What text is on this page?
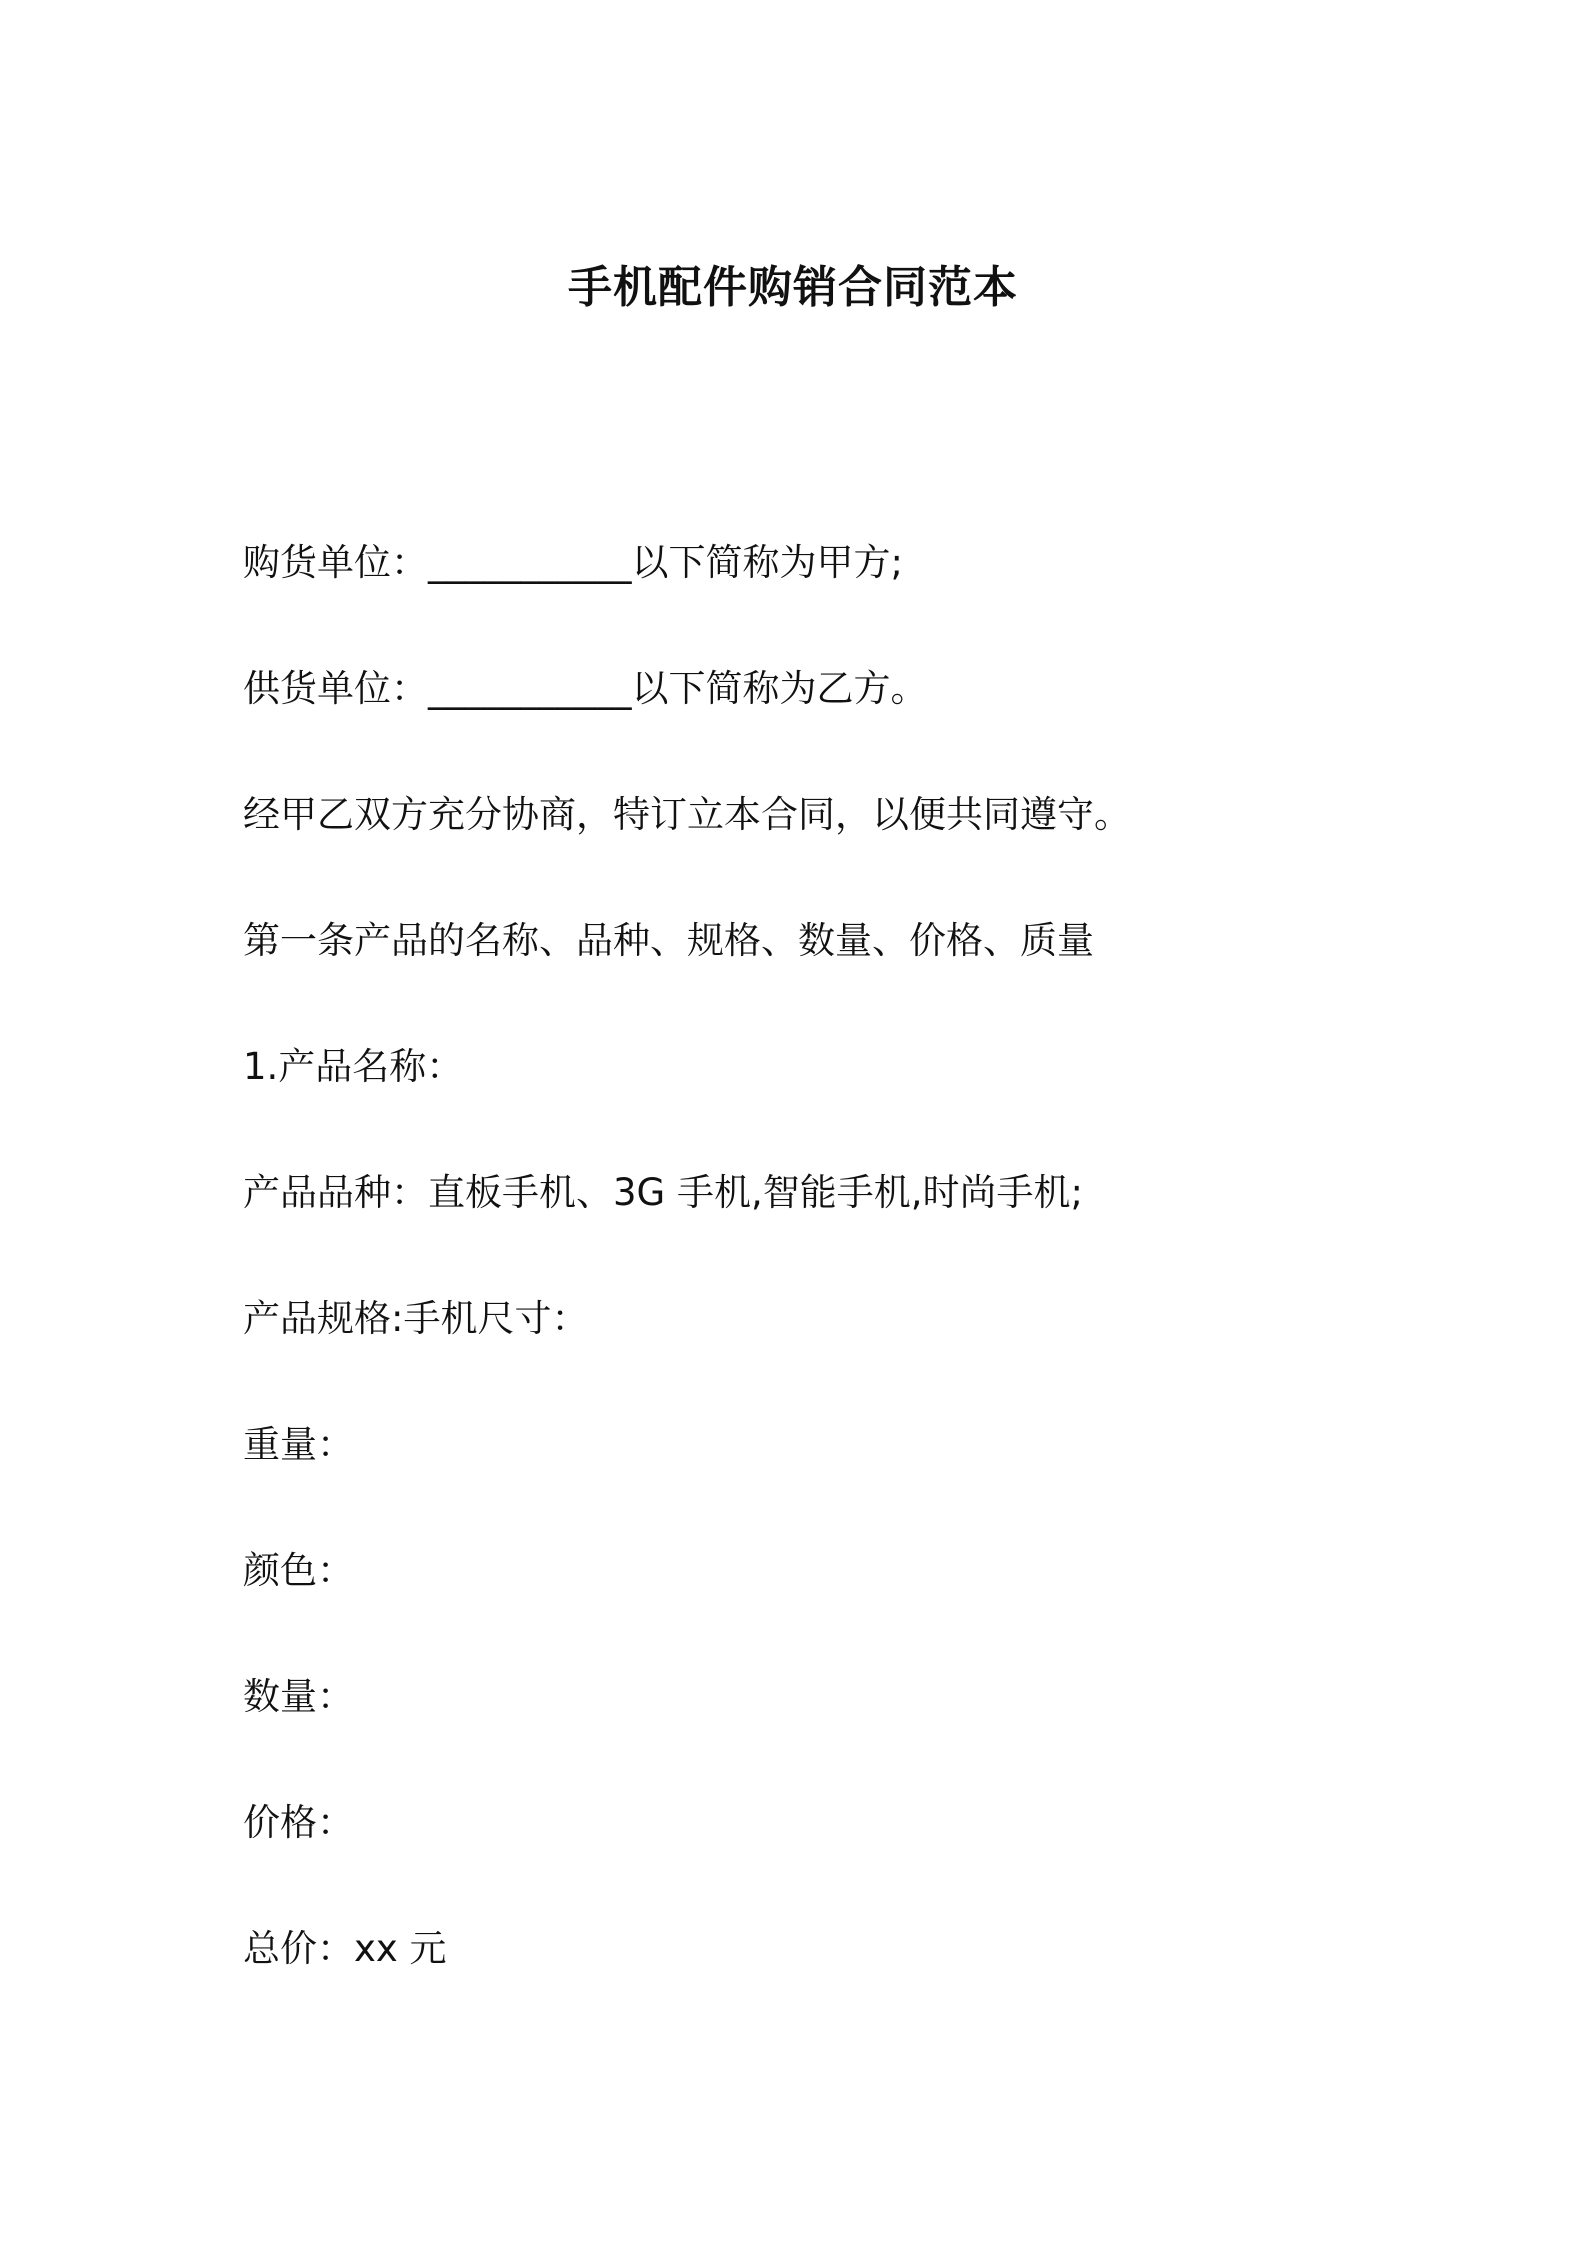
手机配件购销合同范本

购货单位：___________以下简称为甲方;

供货单位：___________以下简称为乙方。

经甲乙双方充分协商，特订立本合同，以便共同遵守。

第一条产品的名称、品种、规格、数量、价格、质量

1.产品名称：

产品品种：直板手机、3G 手机,智能手机,时尚手机;

产品规格:手机尺寸：

重量：

颜色：

数量：

价格：

总价：xx 元
